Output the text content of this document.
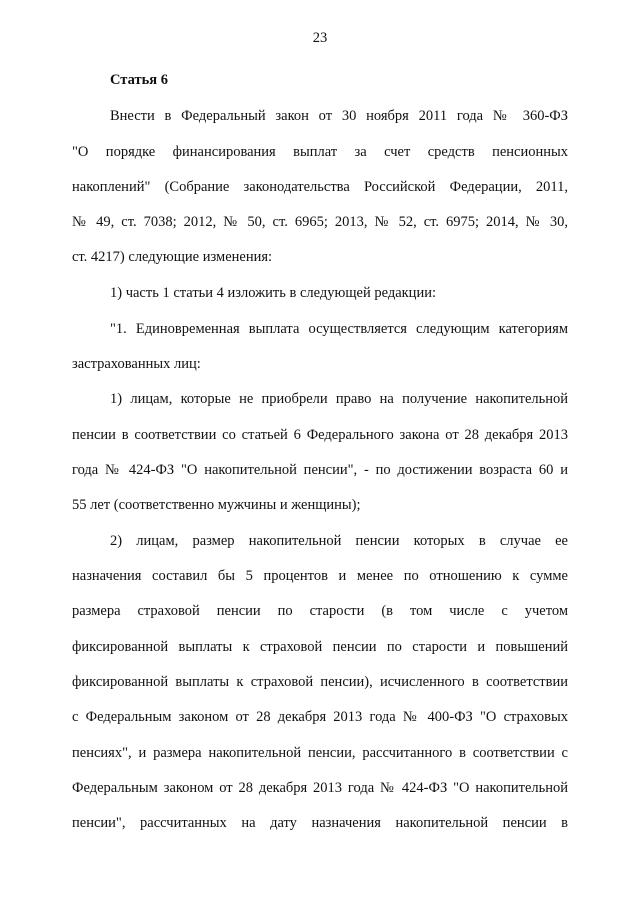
23
Статья 6
Внести в Федеральный закон от 30 ноября 2011 года № 360-ФЗ
"О порядке финансирования выплат за счет средств пенсионных
накоплений" (Собрание законодательства Российской Федерации, 2011,
№ 49, ст. 7038; 2012, № 50, ст. 6965; 2013, № 52, ст. 6975; 2014, № 30,
ст. 4217) следующие изменения:
1) часть 1 статьи 4 изложить в следующей редакции:
"1. Единовременная выплата осуществляется следующим категориям
застрахованных лиц:
1) лицам, которые не приобрели право на получение накопительной
пенсии в соответствии со статьей 6 Федерального закона от 28 декабря 2013
года № 424-ФЗ "О накопительной пенсии", - по достижении возраста 60 и
55 лет (соответственно мужчины и женщины);
2) лицам, размер накопительной пенсии которых в случае ее
назначения составил бы 5 процентов и менее по отношению к сумме
размера страховой пенсии по старости (в том числе с учетом
фиксированной выплаты к страховой пенсии по старости и повышений
фиксированной выплаты к страховой пенсии), исчисленного в соответствии
с Федеральным законом от 28 декабря 2013 года № 400-ФЗ "О страховых
пенсиях", и размера накопительной пенсии, рассчитанного в соответствии с
Федеральным законом от 28 декабря 2013 года № 424-ФЗ "О накопительной
пенсии", рассчитанных на дату назначения накопительной пенсии в
